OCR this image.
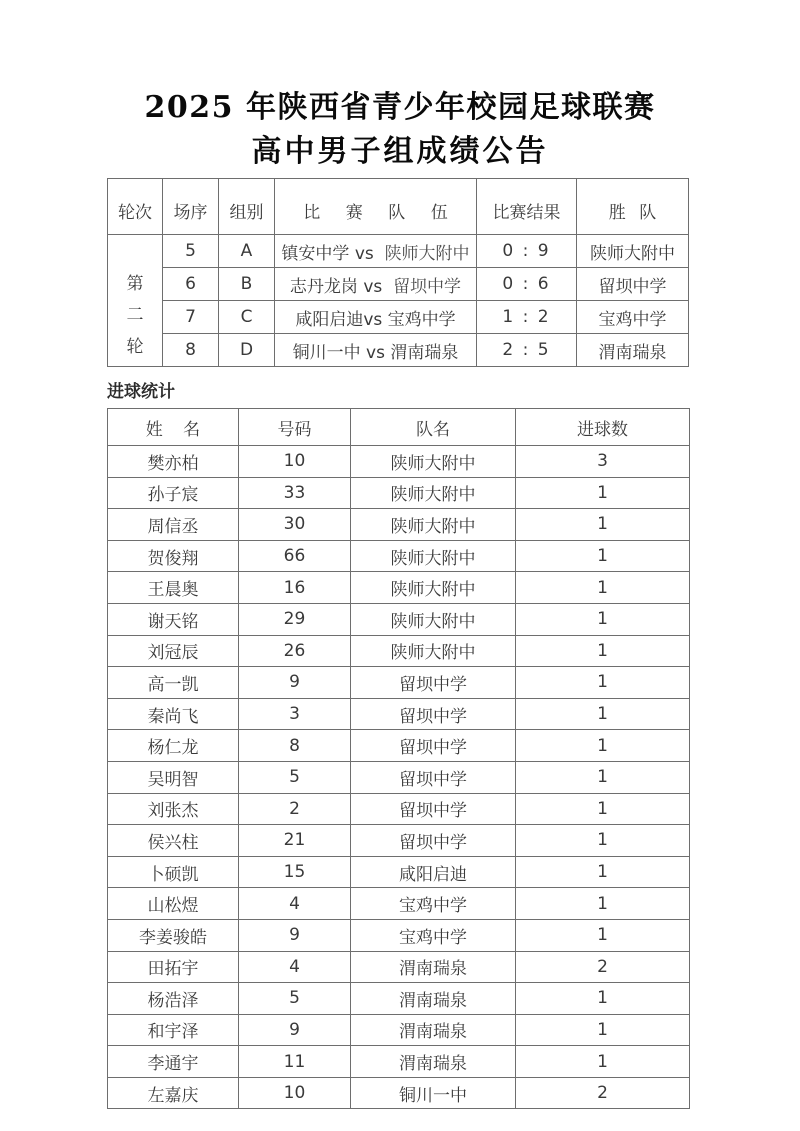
2025 年陕西省青少年校园足球联赛
高中男子组成绩公告
轮次	场序	组别	比赛队伍	比赛结果	胜队

第
二
轮	5	A	镇安中学 vs  陕师大附中	0 : 9	陕师大附中
	6	B	志丹龙岗 vs  留坝中学	0 : 6	留坝中学
	7	C	咸阳启迪vs 宝鸡中学	1 : 2	宝鸡中学
	8	D	铜川一中 vs 渭南瑞泉	2 : 5	渭南瑞泉
进球统计
姓名	号码	队名	进球数
樊亦柏	10	陕师大附中	3
孙子宸	33	陕师大附中	1
周信丞	30	陕师大附中	1
贺俊翔	66	陕师大附中	1
王晨奥	16	陕师大附中	1
谢天铭	29	陕师大附中	1
刘冠辰	26	陕师大附中	1
高一凯	9	留坝中学	1
秦尚飞	3	留坝中学	1
杨仁龙	8	留坝中学	1
吴明智	5	留坝中学	1
刘张杰	2	留坝中学	1
侯兴柱	21	留坝中学	1
卜硕凯	15	咸阳启迪	1
山松煜	4	宝鸡中学	1
李姜骏皓	9	宝鸡中学	1
田拓宇	4	渭南瑞泉	2
杨浩泽	5	渭南瑞泉	1
和宇泽	9	渭南瑞泉	1
李通宇	11	渭南瑞泉	1
左嘉庆	10	铜川一中	2
